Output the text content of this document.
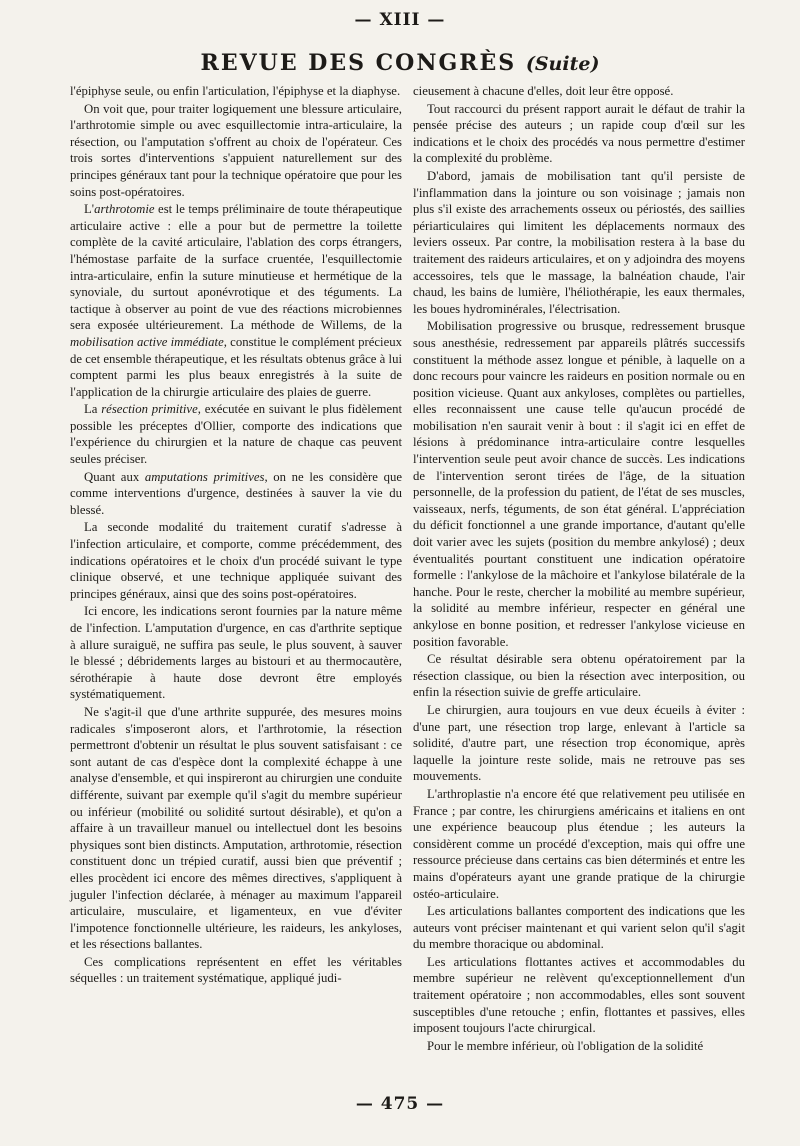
— XIII —
REVUE DES CONGRÈS (Suite)

l'épiphyse seule, ou enfin l'articulation, l'épiphyse et la diaphyse.

On voit que, pour traiter logiquement une blessure articulaire, l'arthrotomie simple ou avec esquillectomie intra-articulaire, la résection, ou l'amputation s'offrent au choix de l'opérateur. Ces trois sortes d'interventions s'appuient naturellement sur des principes généraux tant pour la technique opératoire que pour les soins post-opératoires.

L'arthrotomie est le temps préliminaire de toute thérapeutique articulaire active : elle a pour but de permettre la toilette complète de la cavité articulaire, l'ablation des corps étrangers, l'hémostase parfaite de la surface cruentée, l'esquillectomie intra-articulaire, enfin la suture minutieuse et hermétique de la synoviale, du surtout aponévrotique et des téguments. La tactique à observer au point de vue des réactions microbiennes sera exposée ultérieurement. La méthode de Willems, de la mobilisation active immédiate, constitue le complément précieux de cet ensemble thérapeutique, et les résultats obtenus grâce à lui comptent parmi les plus beaux enregistrés à la suite de l'application de la chirurgie articulaire des plaies de guerre.

La résection primitive, exécutée en suivant le plus fidèlement possible les préceptes d'Ollier, comporte des indications que l'expérience du chirurgien et la nature de chaque cas peuvent seules préciser.

Quant aux amputations primitives, on ne les considère que comme interventions d'urgence, destinées à sauver la vie du blessé.

La seconde modalité du traitement curatif s'adresse à l'infection articulaire, et comporte, comme précédemment, des indications opératoires et le choix d'un procédé suivant le type clinique observé, et une technique appliquée suivant des principes généraux, ainsi que des soins post-opératoires.

Ici encore, les indications seront fournies par la nature même de l'infection. L'amputation d'urgence, en cas d'arthrite septique à allure suraiguë, ne suffira pas seule, le plus souvent, à sauver le blessé ; débridements larges au bistouri et au thermocautère, sérothérapie à haute dose devront être employés systématiquement.

Ne s'agit-il que d'une arthrite suppurée, des mesures moins radicales s'imposeront alors, et l'arthrotomie, la résection permettront d'obtenir un résultat le plus souvent satisfaisant : ce sont autant de cas d'espèce dont la complexité échappe à une analyse d'ensemble, et qui inspireront au chirurgien une conduite différente, suivant par exemple qu'il s'agit du membre supérieur ou inférieur (mobilité ou solidité surtout désirable), et qu'on a affaire à un travailleur manuel ou intellectuel dont les besoins physiques sont bien distincts. Amputation, arthrotomie, résection constituent donc un trépied curatif, aussi bien que préventif ; elles procèdent ici encore des mêmes directives, s'appliquent à juguler l'infection déclarée, à ménager au maximum l'appareil articulaire, musculaire, et ligamenteux, en vue d'éviter l'impotence fonctionnelle ultérieure, les raideurs, les ankyloses, et les résections ballantes.

Ces complications représentent en effet les véritables séquelles : un traitement systématique, appliqué judi-

cieusement à chacune d'elles, doit leur être opposé.

Tout raccourci du présent rapport aurait le défaut de trahir la pensée précise des auteurs ; un rapide coup d'œil sur les indications et le choix des procédés va nous permettre d'estimer la complexité du problème.

D'abord, jamais de mobilisation tant qu'il persiste de l'inflammation dans la jointure ou son voisinage ; jamais non plus s'il existe des arrachements osseux ou périostés, des saillies périarticulaires qui limitent les déplacements normaux des leviers osseux. Par contre, la mobilisation restera à la base du traitement des raideurs articulaires, et on y adjoindra des moyens accessoires, tels que le massage, la balnéation chaude, l'air chaud, les bains de lumière, l'héliothérapie, les eaux thermales, les boues hydrominérales, l'électrisation.

Mobilisation progressive ou brusque, redressement brusque sous anesthésie, redressement par appareils plâtrés successifs constituent la méthode assez longue et pénible, à laquelle on a donc recours pour vaincre les raideurs en position normale ou en position vicieuse. Quant aux ankyloses, complètes ou partielles, elles reconnaissent une cause telle qu'aucun procédé de mobilisation n'en saurait venir à bout : il s'agit ici en effet de lésions à prédominance intra-articulaire contre lesquelles l'intervention seule peut avoir chance de succès. Les indications de l'intervention seront tirées de l'âge, de la situation personnelle, de la profession du patient, de l'état de ses muscles, vaisseaux, nerfs, téguments, de son état général. L'appréciation du déficit fonctionnel a une grande importance, d'autant qu'elle doit varier avec les sujets (position du membre ankylosé) ; deux éventualités pourtant constituent une indication opératoire formelle : l'ankylose de la mâchoire et l'ankylose bilatérale de la hanche. Pour le reste, chercher la mobilité au membre supérieur, la solidité au membre inférieur, respecter en général une ankylose en bonne position, et redresser l'ankylose vicieuse en position favorable.

Ce résultat désirable sera obtenu opératoirement par la résection classique, ou bien la résection avec interposition, ou enfin la résection suivie de greffe articulaire.

Le chirurgien, aura toujours en vue deux écueils à éviter : d'une part, une résection trop large, enlevant à l'article sa solidité, d'autre part, une résection trop économique, après laquelle la jointure reste solide, mais ne retrouve pas ses mouvements.

L'arthroplastie n'a encore été que relativement peu utilisée en France ; par contre, les chirurgiens américains et italiens en ont une expérience beaucoup plus étendue ; les auteurs la considèrent comme un procédé d'exception, mais qui offre une ressource précieuse dans certains cas bien déterminés et entre les mains d'opérateurs ayant une grande pratique de la chirurgie ostéo-articulaire.

Les articulations ballantes comportent des indications que les auteurs vont préciser maintenant et qui varient selon qu'il s'agit du membre thoracique ou abdominal.

Les articulations flottantes actives et accommodables du membre supérieur ne relèvent qu'exceptionnellement d'un traitement opératoire ; non accommodables, elles sont souvent susceptibles d'une retouche ; enfin, flottantes et passives, elles imposent toujours l'acte chirurgical.

Pour le membre inférieur, où l'obligation de la solidité

— 475 —
